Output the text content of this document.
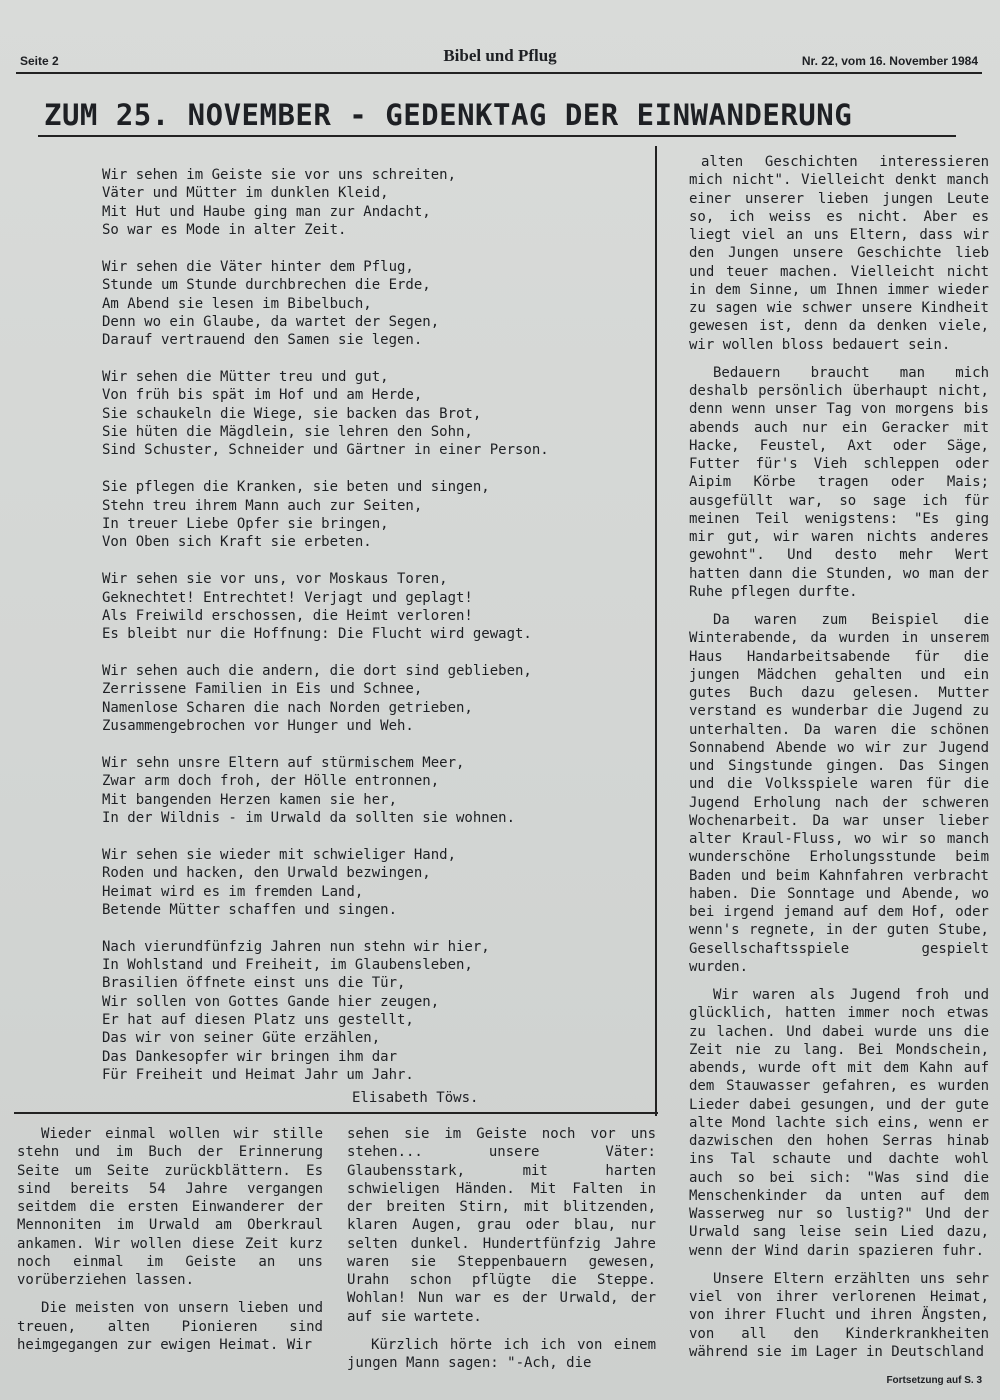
Seite 2	Bibel und Pflug	Nr. 22, vom 16. November 1984
ZUM 25. NOVEMBER - GEDENKTAG DER EINWANDERUNG
Wir sehen im Geiste sie vor uns schreiten,
Väter und Mütter im dunklen Kleid,
Mit Hut und Haube ging man zur Andacht,
So war es Mode in alter Zeit.
Wir sehen die Väter hinter dem Pflug,
Stunde um Stunde durchbrechen die Erde,
Am Abend sie lesen im Bibelbuch,
Denn wo ein Glaube, da wartet der Segen,
Darauf vertrauend den Samen sie legen.
Wir sehen die Mütter treu und gut,
Von früh bis spät im Hof und am Herde,
Sie schaukeln die Wiege, sie backen das Brot,
Sie hüten die Mägdlein, sie lehren den Sohn,
Sind Schuster, Schneider und Gärtner in einer Person.
Sie pflegen die Kranken, sie beten und singen,
Stehn treu ihrem Mann auch zur Seiten,
In treuer Liebe Opfer sie bringen,
Von Oben sich Kraft sie erbeten.
Wir sehen sie vor uns, vor Moskaus Toren,
Geknechtet! Entrechtet! Verjagt und geplagt!
Als Freiwild erschossen, die Heimt verloren!
Es bleibt nur die Hoffnung: Die Flucht wird gewagt.
Wir sehen auch die andern, die dort sind geblieben,
Zerrissene Familien in Eis und Schnee,
Namenlose Scharen die nach Norden getrieben,
Zusammengebrochen vor Hunger und Weh.
Wir sehn unsre Eltern auf stürmischem Meer,
Zwar arm doch froh, der Hölle entronnen,
Mit bangenden Herzen kamen sie her,
In der Wildnis - im Urwald da sollten sie wohnen.
Wir sehen sie wieder mit schwieliger Hand,
Roden und hacken, den Urwald bezwingen,
Heimat wird es im fremden Land,
Betende Mütter schaffen und singen.
Nach vierundfünfzig Jahren nun stehn wir hier,
In Wohlstand und Freiheit, im Glaubensleben,
Brasilien öffnete einst uns die Tür,
Wir sollen von Gottes Gande hier zeugen,
Er hat auf diesen Platz uns gestellt,
Das wir von seiner Güte erzählen,
Das Dankesopfer wir bringen ihm dar
Für Freiheit und Heimat Jahr um Jahr.
Elisabeth Töws.

alten Geschichten interessieren mich nicht". Vielleicht denkt manch einer unserer lieben jungen Leute so, ich weiss es nicht. Aber es liegt viel an uns Eltern, dass wir den Jungen unsere Geschichte lieb und teuer machen. Vielleicht nicht in dem Sinne, um Ihnen immer wieder zu sagen wie schwer unsere Kindheit gewesen ist, denn da denken viele, wir wollen bloss bedauert sein.

Bedauern braucht man mich deshalb persönlich überhaupt nicht, denn wenn unser Tag von morgens bis abends auch nur ein Geracker mit Hacke, Feustel, Axt oder Säge, Futter für's Vieh schleppen oder Aipim Körbe tragen oder Mais; ausgefüllt war, so sage ich für meinen Teil wenigstens: "Es ging mir gut, wir waren nichts anderes gewohnt". Und desto mehr Wert hatten dann die Stunden, wo man der Ruhe pflegen durfte.

Da waren zum Beispiel die Winterabende, da wurden in unserem Haus Handarbeitsabende für die jungen Mädchen gehalten und ein gutes Buch dazu gelesen. Mutter verstand es wunderbar die Jugend zu unterhalten. Da waren die schönen Sonnabend Abende wo wir zur Jugend und Singstunde gingen. Das Singen und die Volksspiele waren für die Jugend Erholung nach der schweren Wochenarbeit. Da war unser lieber alter Kraul-Fluss, wo wir so manch wunderschöne Erholungsstunde beim Baden und beim Kahnfahren verbracht haben. Die Sonntage und Abende, wo bei irgend jemand auf dem Hof, oder wenn's regnete, in der guten Stube, Gesellschaftsspiele gespielt wurden.

Wir waren als Jugend froh und glücklich, hatten immer noch etwas zu lachen. Und dabei wurde uns die Zeit nie zu lang. Bei Mondschein, abends, wurde oft mit dem Kahn auf dem Stauwasser gefahren, es wurden Lieder dabei gesungen, und der gute alte Mond lachte sich eins, wenn er dazwischen den hohen Serras hinab ins Tal schaute und dachte wohl auch so bei sich: "Was sind die Menschenkinder da unten auf dem Wasserweg nur so lustig?" Und der Urwald sang leise sein Lied dazu, wenn der Wind darin spazieren fuhr.

Unsere Eltern erzählten uns sehr viel von ihrer verlorenen Heimat, von ihrer Flucht und ihren Ängsten, von all den Kinderkrankheiten während sie im Lager in Deutschland

Wieder einmal wollen wir stille stehn und im Buch der Erinnerung Seite um Seite zurückblättern. Es sind bereits 54 Jahre vergangen seitdem die ersten Einwanderer der Mennoniten im Urwald am Oberkraul ankamen. Wir wollen diese Zeit kurz noch einmal im Geiste an uns vorüberziehen lassen.

Die meisten von unsern lieben und treuen, alten Pionieren sind heimgegangen zur ewigen Heimat. Wir

sehen sie im Geiste noch vor uns stehen... unsere Väter: Glaubensstark, mit harten schwieligen Händen. Mit Falten in der breiten Stirn, mit blitzenden, klaren Augen, grau oder blau, nur selten dunkel. Hundertfünfzig Jahre waren sie Steppenbauern gewesen, Urahn schon pflügte die Steppe. Wohlan! Nun war es der Urwald, der auf sie wartete.

Kürzlich hörte ich ich von einem jungen Mann sagen: "-Ach, die

Fortsetzung auf S. 3
